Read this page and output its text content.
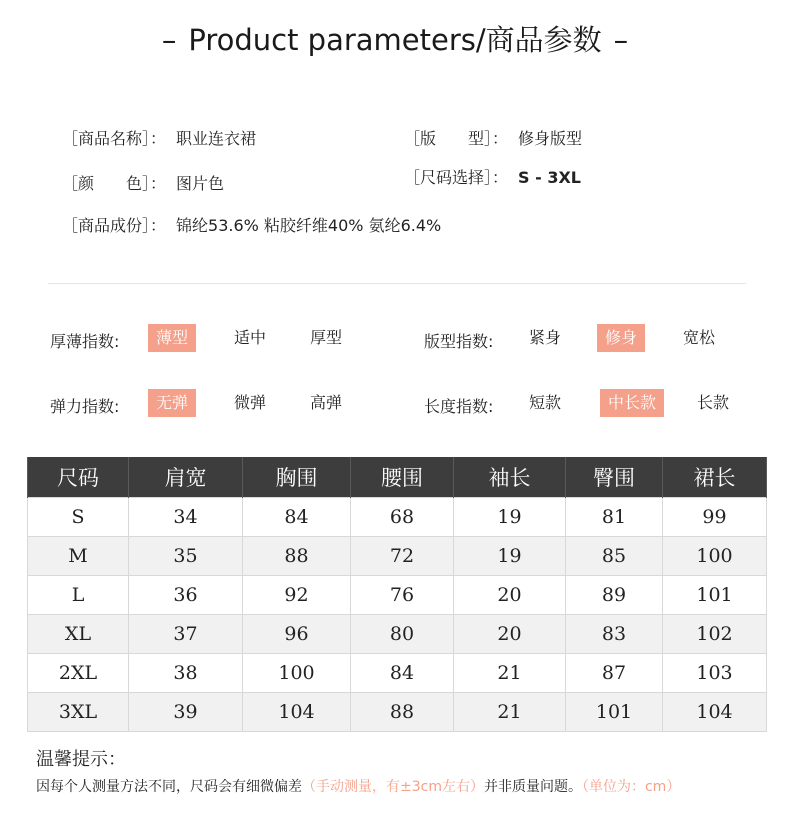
– Product parameters/商品参数 –
［商品名称］： 职业连衣裙	［版　　型］： 修身版型
［颜　　色］： 图片色	［尺码选择］： S - 3XL
［商品成份］： 锦纶53.6% 粘胶纤维40% 氨纶6.4%
厚薄指数:	薄型	适中	厚型	版型指数: 紧身	修身	宽松
弹力指数:	无弹	微弹	高弹	长度指数: 短款	中长款	长款
尺码	肩宽	胸围	腰围	袖长	臀围	裙长
S	34	84	68	19	81	99
M	35	88	72	19	85	100
L	36	92	76	20	89	101
XL	37	96	80	20	83	102
2XL	38	100	84	21	87	103
3XL	39	104	88	21	101	104
温馨提示：
因每个人测量方法不同，尺码会有细微偏差（手动测量，有±3cm左右）并非质量问题。（单位为：cm）
